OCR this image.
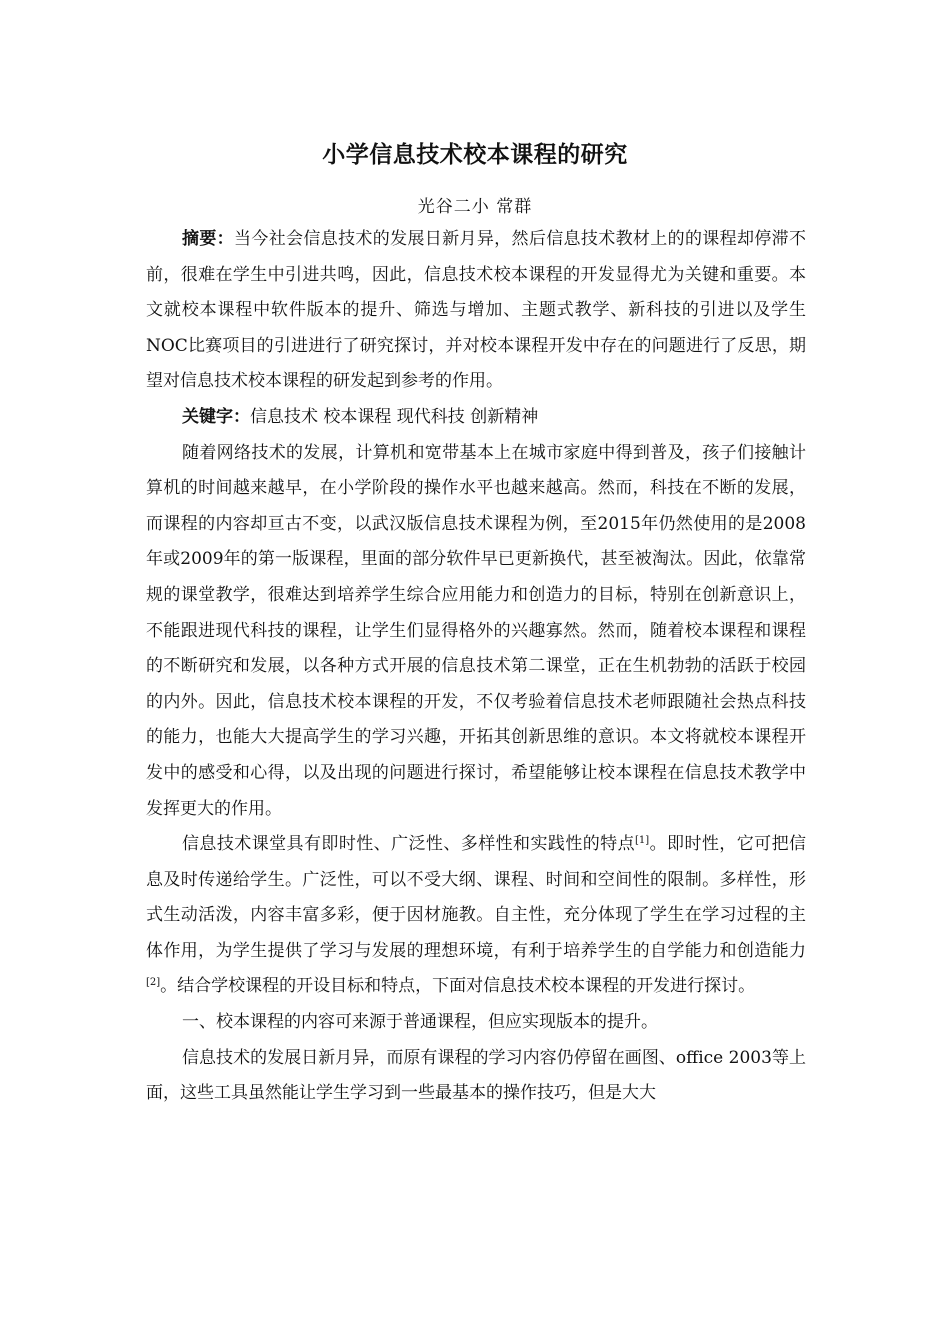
小学信息技术校本课程的研究
光谷二小 常群

摘要：当今社会信息技术的发展日新月异，然后信息技术教材上的的课程却停滞不前，很难在学生中引进共鸣，因此，信息技术校本课程的开发显得尤为关键和重要。本文就校本课程中软件版本的提升、筛选与增加、主题式教学、新科技的引进以及学生NOC比赛项目的引进进行了研究探讨，并对校本课程开发中存在的问题进行了反思，期望对信息技术校本课程的研发起到参考的作用。

关键字：信息技术 校本课程 现代科技 创新精神

随着网络技术的发展，计算机和宽带基本上在城市家庭中得到普及，孩子们接触计算机的时间越来越早，在小学阶段的操作水平也越来越高。然而，科技在不断的发展，而课程的内容却亘古不变，以武汉版信息技术课程为例，至2015年仍然使用的是2008年或2009年的第一版课程，里面的部分软件早已更新换代，甚至被淘汰。因此，依靠常规的课堂教学，很难达到培养学生综合应用能力和创造力的目标，特别在创新意识上，不能跟进现代科技的课程，让学生们显得格外的兴趣寡然。然而，随着校本课程和课程的不断研究和发展，以各种方式开展的信息技术第二课堂，正在生机勃勃的活跃于校园的内外。因此，信息技术校本课程的开发，不仅考验着信息技术老师跟随社会热点科技的能力，也能大大提高学生的学习兴趣，开拓其创新思维的意识。本文将就校本课程开发中的感受和心得，以及出现的问题进行探讨，希望能够让校本课程在信息技术教学中发挥更大的作用。

信息技术课堂具有即时性、广泛性、多样性和实践性的特点[1]。即时性，它可把信息及时传递给学生。广泛性，可以不受大纲、课程、时间和空间性的限制。多样性，形式生动活泼，内容丰富多彩，便于因材施教。自主性，充分体现了学生在学习过程的主体作用，为学生提供了学习与发展的理想环境，有利于培养学生的自学能力和创造能力[2]。结合学校课程的开设目标和特点，下面对信息技术校本课程的开发进行探讨。

一、校本课程的内容可来源于普通课程，但应实现版本的提升。

信息技术的发展日新月异，而原有课程的学习内容仍停留在画图、office 2003等上面，这些工具虽然能让学生学习到一些最基本的操作技巧，但是大大
